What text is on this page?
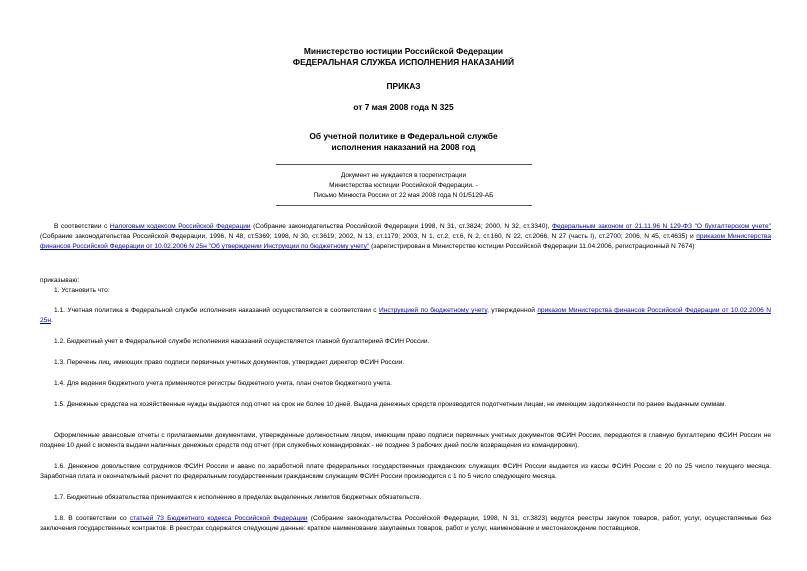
Министерство юстиции Российской Федерации
ФЕДЕРАЛЬНАЯ СЛУЖБА ИСПОЛНЕНИЯ НАКАЗАНИЙ
ПРИКАЗ
от 7 мая 2008 года N 325
Об учетной политике в Федеральной службе
исполнения наказаний на 2008 год
Документ не нуждается в госрегистрации
Министерства юстиции Российской Федерации. -
Письмо Минюста России от 22 мая 2008 года N 01/5129-АБ
В соответствии с Налоговым кодексом Российской Федерации (Собрание законодательства Российской Федерации 1998, N 31, ст.3824; 2000, N 32, ст.3340), Федеральным законом от 21.11.96 N 129-ФЗ "О бухгалтерском учете" (Собрание законодательства Российской Федерации, 1996, N 48, ст.5369; 1998, N 30, ст.3619; 2002, N 13, ст.1179; 2003, N 1, ст.2, ст.6, N 2, ст.160, N 22, ст.2066, N 27 (часть I), ст.2700; 2006, N 45, ст.4635) и приказом Министерства финансов Российской Федерации от 10.02.2006 N 25н "Об утверждении Инструкции по бюджетному учету" (зарегистрирован в Министерстве юстиции Российской Федерации 11.04.2006, регистрационный N 7674)
приказываю:
1. Установить что:
1.1. Учетная политика в Федеральной службе исполнения наказаний осуществляется в соответствии с Инструкцией по бюджетному учету, утвержденной приказом Министерства финансов Российской Федерации от 10.02.2006 N 25н.
1.2. Бюджетный учет в Федеральной службе исполнения наказаний осуществляется главной бухгалтерией ФСИН России.
1.3. Перечень лиц, имеющих право подписи первичных учетных документов, утверждает директор ФСИН России.
1.4. Для ведения бюджетного учета применяются регистры бюджетного учета, план счетов бюджетного учета.
1.5. Денежные средства на хозяйственные нужды выдаются под отчет на срок не более 10 дней. Выдача денежных средств производится подотчетным лицам, не имеющим задолженности по ранее выданным суммам.
Оформленные авансовые отчеты с прилагаемыми документами, утвержденные должностным лицом, имеющим право подписи первичных учетных документов ФСИН России, передаются в главную бухгалтерию ФСИН России не позднее 10 дней с момента выдачи наличных денежных средств под отчет (при служебных командировках - не позднее 3 рабочих дней после возвращения из командировки).
1.6. Денежное довольствие сотрудников ФСИН России и аванс по заработной плате федеральных государственных гражданских служащих ФСИН России выдается из кассы ФСИН России с 20 по 25 число текущего месяца. Заработная плата и окончательный расчет по федеральным государственным гражданским служащим ФСИН России производится с 1 по 5 число следующего месяца.
1.7. Бюджетные обязательства принимаются к исполнению в пределах выделенных лимитов бюджетных обязательств.
1.8. В соответствии со статьей 73 Бюджетного кодекса Российской Федерации (Собрание законодательства Российской Федерации, 1998, N 31, ст.3823) ведутся реестры закупок товаров, работ, услуг, осуществляемые без заключения государственных контрактов. В реестрах содержатся следующие данные: краткое наименование закупаемых товаров, работ и услуг, наименование и местонахождение поставщиков,
